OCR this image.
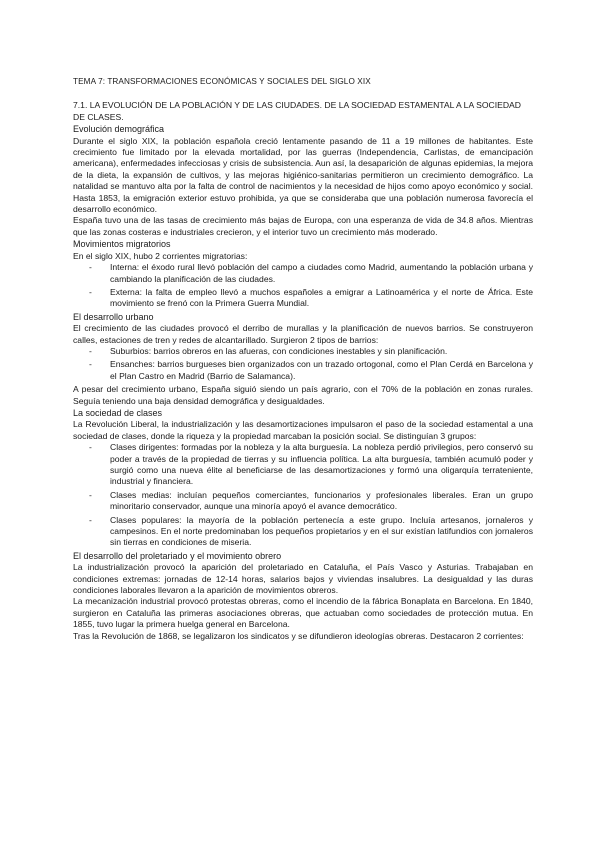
TEMA 7: TRANSFORMACIONES ECONÓMICAS Y SOCIALES DEL SIGLO XIX
7.1. LA EVOLUCIÓN DE LA POBLACIÓN Y DE LAS CIUDADES. DE LA SOCIEDAD ESTAMENTAL A LA SOCIEDAD DE CLASES.
Evolución demográfica

Durante el siglo XIX, la población española creció lentamente pasando de 11 a 19 millones de habitantes. Este crecimiento fue limitado por la elevada mortalidad, por las guerras (Independencia, Carlistas, de emancipación americana), enfermedades infecciosas y crisis de subsistencia. Aun así, la desaparición de algunas epidemias, la mejora de la dieta, la expansión de cultivos, y las mejoras higiénico-sanitarias permitieron un crecimiento demográfico. La natalidad se mantuvo alta por la falta de control de nacimientos y la necesidad de hijos como apoyo económico y social. Hasta 1853, la emigración exterior estuvo prohibida, ya que se consideraba que una población numerosa favorecía el desarrollo económico.

España tuvo una de las tasas de crecimiento más bajas de Europa, con una esperanza de vida de 34.8 años. Mientras que las zonas costeras e industriales crecieron, y el interior tuvo un crecimiento más moderado.

Movimientos migratorios

En el siglo XIX, hubo 2 corrientes migratorias:

- Interna: el éxodo rural llevó población del campo a ciudades como Madrid, aumentando la población urbana y cambiando la planificación de las ciudades.
- Externa: la falta de empleo llevó a muchos españoles a emigrar a Latinoamérica y el norte de África. Este movimiento se frenó con la Primera Guerra Mundial.
El desarrollo urbano

El crecimiento de las ciudades provocó el derribo de murallas y la planificación de nuevos barrios. Se construyeron calles, estaciones de tren y redes de alcantarillado. Surgieron 2 tipos de barrios:

- Suburbios: barrios obreros en las afueras, con condiciones inestables y sin planificación.
- Ensanches: barrios burgueses bien organizados con un trazado ortogonal, como el Plan Cerdá en Barcelona y el Plan Castro en Madrid (Barrio de Salamanca).

A pesar del crecimiento urbano, España siguió siendo un país agrario, con el 70% de la población en zonas rurales. Seguía teniendo una baja densidad demográfica y desigualdades.

La sociedad de clases

La Revolución Liberal, la industrialización y las desamortizaciones impulsaron el paso de la sociedad estamental a una sociedad de clases, donde la riqueza y la propiedad marcaban la posición social. Se distinguían 3 grupos:

- Clases dirigentes: formadas por la nobleza y la alta burguesía. La nobleza perdió privilegios, pero conservó su poder a través de la propiedad de tierras y su influencia política. La alta burguesía, también acumuló poder y surgió como una nueva élite al beneficiarse de las desamortizaciones y formó una oligarquía terrateniente, industrial y financiera.
- Clases medias: incluían pequeños comerciantes, funcionarios y profesionales liberales. Eran un grupo minoritario conservador, aunque una minoría apoyó el avance democrático.
- Clases populares: la mayoría de la población pertenecía a este grupo. Incluía artesanos, jornaleros y campesinos. En el norte predominaban los pequeños propietarios y en el sur existían latifundios con jornaleros sin tierras en condiciones de miseria.
El desarrollo del proletariado y el movimiento obrero

La industrialización provocó la aparición del proletariado en Cataluña, el País Vasco y Asturias. Trabajaban en condiciones extremas: jornadas de 12-14 horas, salarios bajos y viviendas insalubres. La desigualdad y las duras condiciones laborales llevaron a la aparición de movimientos obreros.

La mecanización industrial provocó protestas obreras, como el incendio de la fábrica Bonaplata en Barcelona. En 1840, surgieron en Cataluña las primeras asociaciones obreras, que actuaban como sociedades de protección mutua. En 1855, tuvo lugar la primera huelga general en Barcelona.

Tras la Revolución de 1868, se legalizaron los sindicatos y se difundieron ideologías obreras. Destacaron 2 corrientes:
